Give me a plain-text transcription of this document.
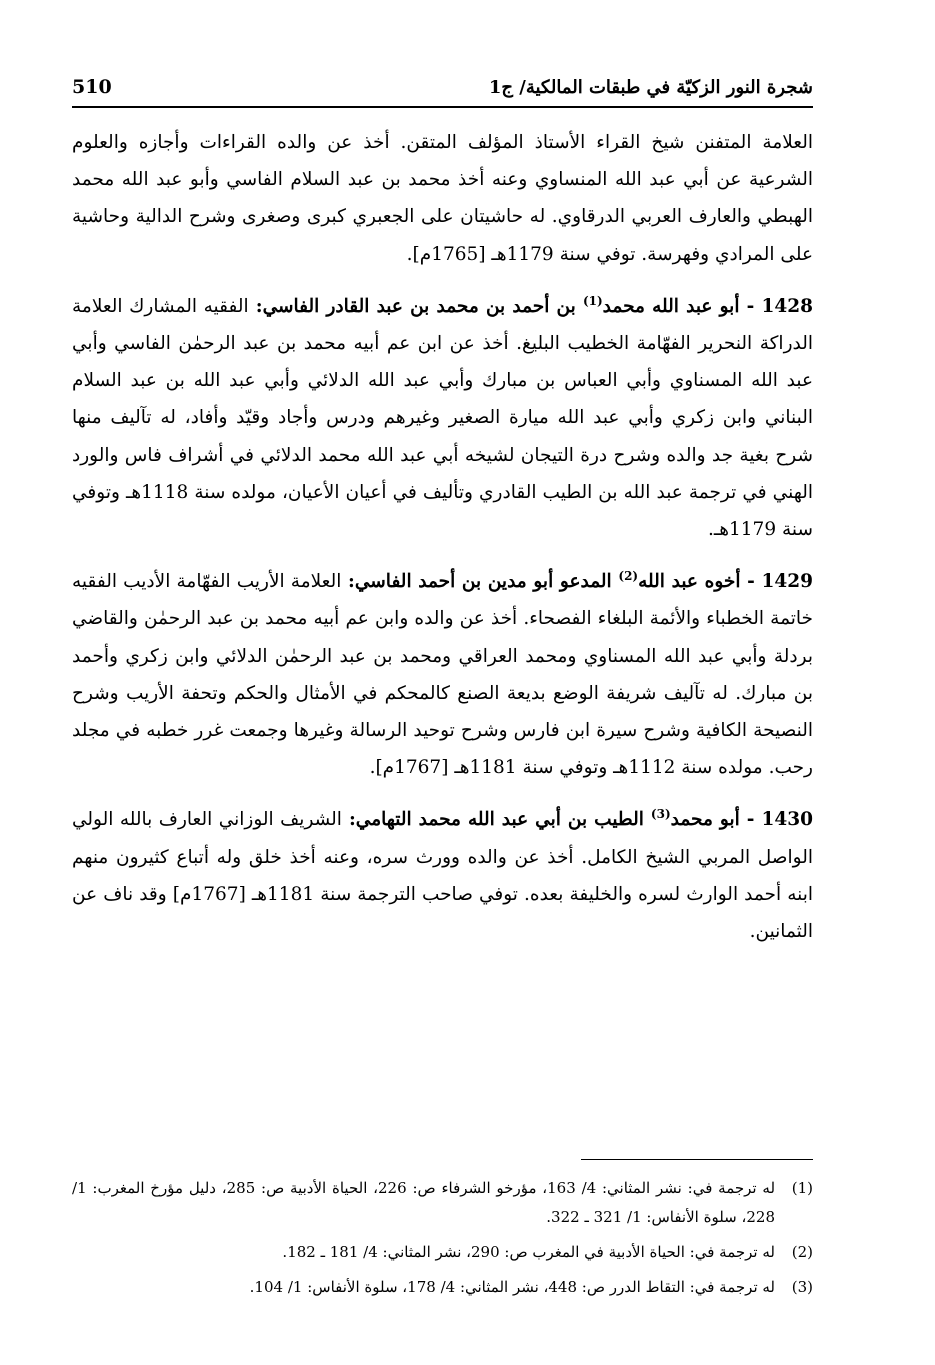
510	شجرة النور الزكيّة في طبقات المالكية/ ج1

العلامة المتفنن شيخ القراء الأستاذ المؤلف المتقن. أخذ عن والده القراءات وأجازه والعلوم الشرعية عن أبي عبد الله المنساوي وعنه أخذ محمد بن عبد السلام الفاسي وأبو عبد الله محمد الهبطي والعارف العربي الدرقاوي. له حاشيتان على الجعبري كبرى وصغرى وشرح الدالية وحاشية على المرادي وفهرسة. توفي سنة 1179هـ [1765م].

1428 - أبو عبد الله محمد$^{(1)}$ بن أحمد بن محمد بن عبد القادر الفاسي: الفقيه المشارك العلامة الدراكة النحرير الفهّامة الخطيب البليغ. أخذ عن ابن عم أبيه محمد بن عبد الرحمٰن الفاسي وأبي عبد الله المسناوي وأبي العباس بن مبارك وأبي عبد الله الدلائي وأبي عبد الله بن عبد السلام البناني وابن زكري وأبي عبد الله ميارة الصغير وغيرهم ودرس وأجاد وقيّد وأفاد، له تآليف منها شرح بغية جد والده وشرح درة التيجان لشيخه أبي عبد الله محمد الدلائي في أشراف فاس والورد الهني في ترجمة عبد الله بن الطيب القادري وتأليف في أعيان الأعيان، مولده سنة 1118هـ وتوفي سنة 1179هـ.

1429 - أخوه عبد الله$^{(2)}$ المدعو أبو مدين بن أحمد الفاسي: العلامة الأريب الفهّامة الأديب الفقيه خاتمة الخطباء والأئمة البلغاء الفصحاء. أخذ عن والده وابن عم أبيه محمد بن عبد الرحمٰن والقاضي بردلة وأبي عبد الله المسناوي ومحمد العراقي ومحمد بن عبد الرحمٰن الدلائي وابن زكري وأحمد بن مبارك. له تآليف شريفة الوضع بديعة الصنع كالمحكم في الأمثال والحكم وتحفة الأريب وشرح النصيحة الكافية وشرح سيرة ابن فارس وشرح توحيد الرسالة وغيرها وجمعت غرر خطبه في مجلد رحب. مولده سنة 1112هـ وتوفي سنة 1181هـ [1767م].

1430 - أبو محمد$^{(3)}$ الطيب بن أبي عبد الله محمد التهامي: الشريف الوزاني العارف بالله الولي الواصل المربي الشيخ الكامل. أخذ عن والده وورث سره، وعنه أخذ خلق وله أتباع كثيرون منهم ابنه أحمد الوارث لسره والخليفة بعده. توفي صاحب الترجمة سنة 1181هـ [1767م] وقد ناف عن الثمانين.

(1)
له ترجمة في: نشر المثاني: 4/ 163، مؤرخو الشرفاء ص: 226، الحياة الأدبية ص: 285، دليل مؤرخ المغرب: 1/ 228، سلوة الأنفاس: 1/ 321 ـ 322.
(2)
له ترجمة في: الحياة الأدبية في المغرب ص: 290، نشر المثاني: 4/ 181 ـ 182.
(3)
له ترجمة في: التقاط الدرر ص: 448، نشر المثاني: 4/ 178، سلوة الأنفاس: 1/ 104.
